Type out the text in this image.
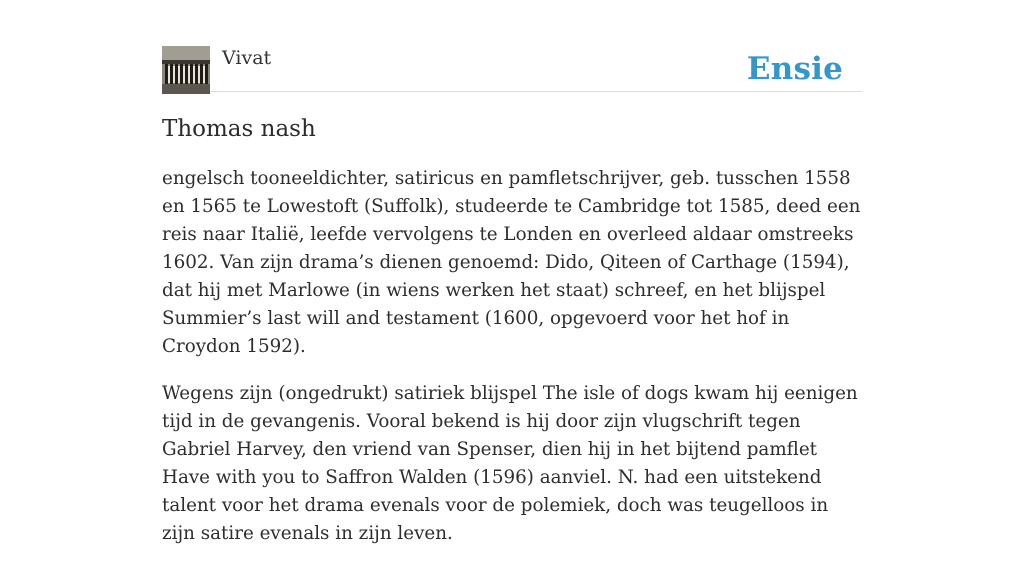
Vivat	Ensie
Thomas nash

engelsch tooneeldichter, satiricus en pamfletschrijver, geb. tusschen 1558 en 1565 te Lowestoft (Suffolk), studeerde te Cambridge tot 1585, deed een reis naar Italië, leefde vervolgens te Londen en overleed aldaar omstreeks 1602. Van zijn drama’s dienen genoemd: Dido, Qiteen of Carthage (1594), dat hij met Marlowe (in wiens werken het staat) schreef, en het blijspel Summier’s last will and testament (1600, opgevoerd voor het hof in Croydon 1592).

Wegens zijn (ongedrukt) satiriek blijspel The isle of dogs kwam hij eenigen tijd in de gevangenis. Vooral bekend is hij door zijn vlugschrift tegen Gabriel Harvey, den vriend van Spenser, dien hij in het bijtend pamflet Have with you to Saffron Walden (1596) aanviel. N. had een uitstekend talent voor het drama evenals voor de polemiek, doch was teugelloos in zijn satire evenals in zijn leven.
